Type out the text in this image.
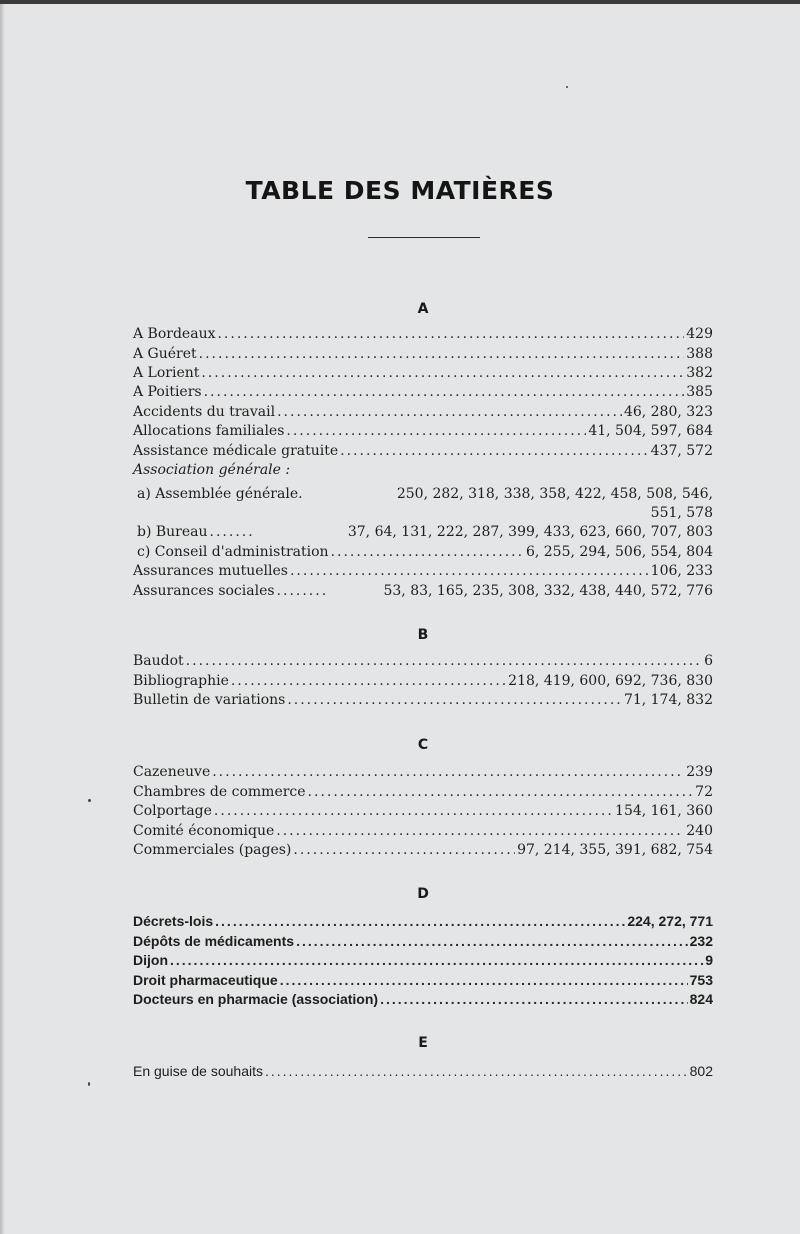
TABLE DES MATIÈRES
A
A Bordeaux .....	429
A Guéret .....	388
A Lorient .....	382
A Poitiers .....	385
Accidents du travail .....	46, 280, 323
Allocations familiales .....	41, 504, 597, 684
Assistance médicale gratuite .....	437, 572
Association générale :
a) Assemblée générale.	250, 282, 318, 338, 358, 422, 458, 508, 546,
551, 578
b) Bureau .....	37, 64, 131, 222, 287, 399, 433, 623, 660, 707, 803
c) Conseil d'administration .....	6, 255, 294, 506, 554, 804
Assurances mutuelles .....	106, 233
Assurances sociales .....	53, 83, 165, 235, 308, 332, 438, 440, 572, 776
B
Baudot .....	6
Bibliographie .....	218, 419, 600, 692, 736, 830
Bulletin de variations .....	71, 174, 832
C
Cazeneuve .....	239
Chambres de commerce .....	72
Colportage .....	154, 161, 360
Comité économique .....	240
Commerciales (pages) .....	97, 214, 355, 391, 682, 754
D
Décrets-lois .....	224, 272, 771
Dépôts de médicaments .....	232
Dijon .....	9
Droit pharmaceutique .....	753
Docteurs en pharmacie (association) .....	824
E
En guise de souhaits .....	802
